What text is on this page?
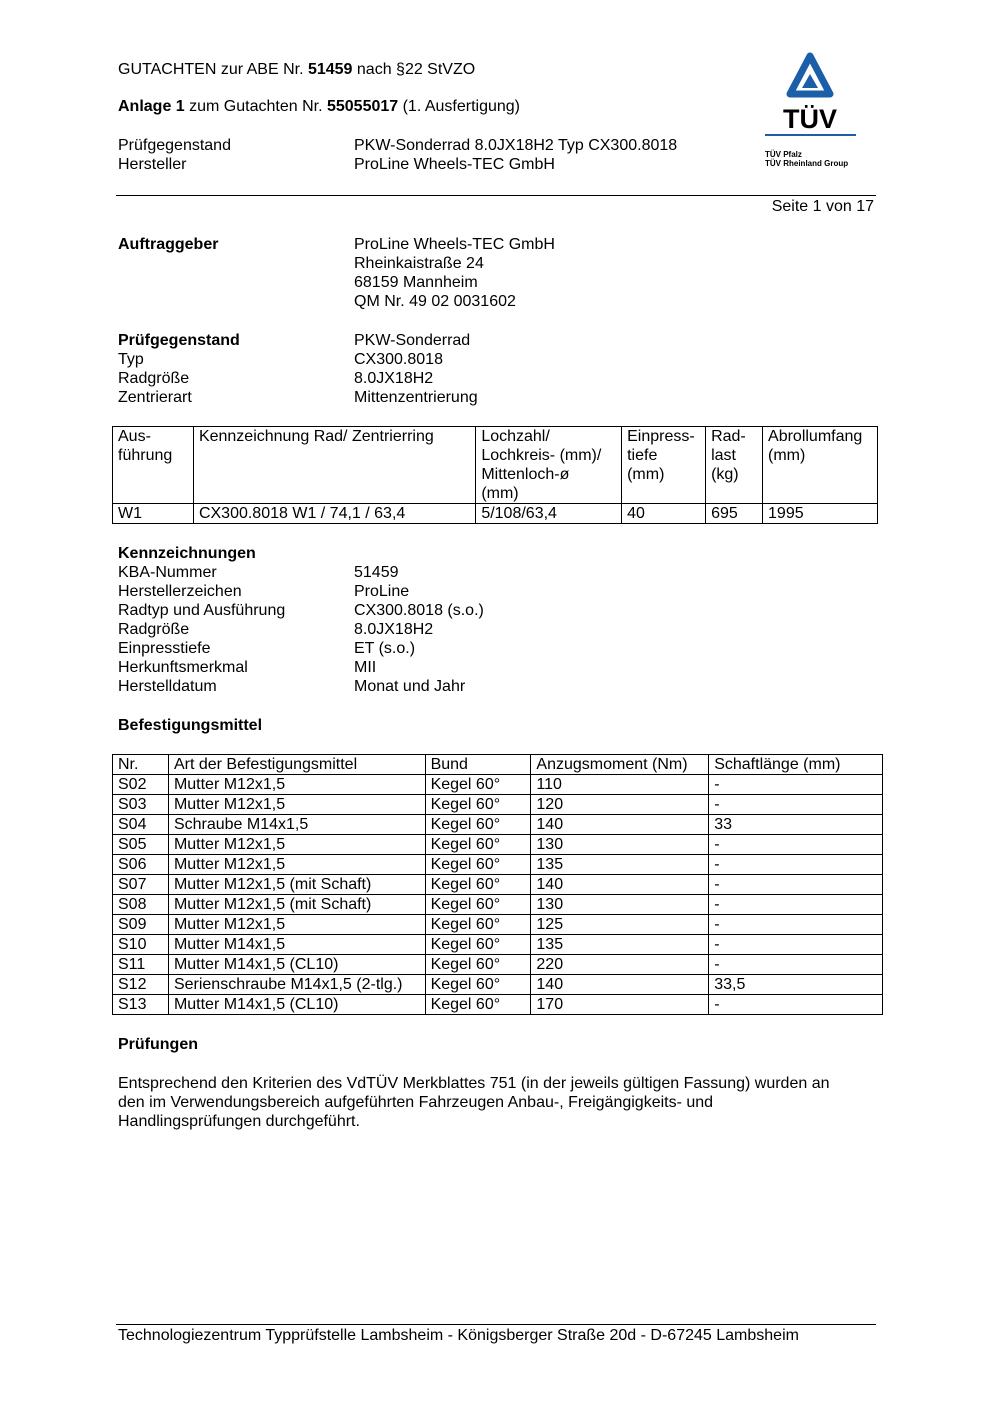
GUTACHTEN zur ABE Nr. 51459 nach §22 StVZO
Anlage 1 zum Gutachten Nr. 55055017 (1. Ausfertigung)
Prüfgegenstand	PKW-Sonderrad 8.0JX18H2 Typ CX300.8018
Hersteller	ProLine Wheels-TEC GmbH
TÜV
TÜV Pfalz
TÜV Rheinland Group
Seite 1 von 17
Auftraggeber	ProLine Wheels-TEC GmbH
Rheinkaistraße 24
68159 Mannheim
QM Nr. 49 02 0031602
Prüfgegenstand	PKW-Sonderrad
Typ	CX300.8018
Radgröße	8.0JX18H2
Zentrierart	Mittenzentrierung
Aus-
führung	Kennzeichnung Rad/ Zentrierring	Lochzahl/
Lochkreis- (mm)/
Mittenloch-ø
(mm)	Einpress-
tiefe
(mm)	Rad-
last
(kg)	Abrollumfang
(mm)
W1	CX300.8018 W1 / 74,1 / 63,4	5/108/63,4	40	695	1995
Kennzeichnungen
KBA-Nummer	51459
Herstellerzeichen	ProLine
Radtyp und Ausführung	CX300.8018 (s.o.)
Radgröße	8.0JX18H2
Einpresstiefe	ET (s.o.)
Herkunftsmerkmal	MII
Herstelldatum	Monat und Jahr
Befestigungsmittel
Nr.	Art der Befestigungsmittel	Bund	Anzugsmoment (Nm)	Schaftlänge (mm)
S02	Mutter M12x1,5	Kegel 60°	110	-
S03	Mutter M12x1,5	Kegel 60°	120	-
S04	Schraube M14x1,5	Kegel 60°	140	33
S05	Mutter M12x1,5	Kegel 60°	130	-
S06	Mutter M12x1,5	Kegel 60°	135	-
S07	Mutter M12x1,5 (mit Schaft)	Kegel 60°	140	-
S08	Mutter M12x1,5 (mit Schaft)	Kegel 60°	130	-
S09	Mutter M12x1,5	Kegel 60°	125	-
S10	Mutter M14x1,5	Kegel 60°	135	-
S11	Mutter M14x1,5 (CL10)	Kegel 60°	220	-
S12	Serienschraube M14x1,5 (2-tlg.)	Kegel 60°	140	33,5
S13	Mutter M14x1,5 (CL10)	Kegel 60°	170	-
Prüfungen
Entsprechend den Kriterien des VdTÜV Merkblattes 751 (in der jeweils gültigen Fassung) wurden an
den im Verwendungsbereich aufgeführten Fahrzeugen Anbau-, Freigängigkeits- und
Handlingsprüfungen durchgeführt.
Technologiezentrum Typprüfstelle Lambsheim - Königsberger Straße 20d - D-67245 Lambsheim
